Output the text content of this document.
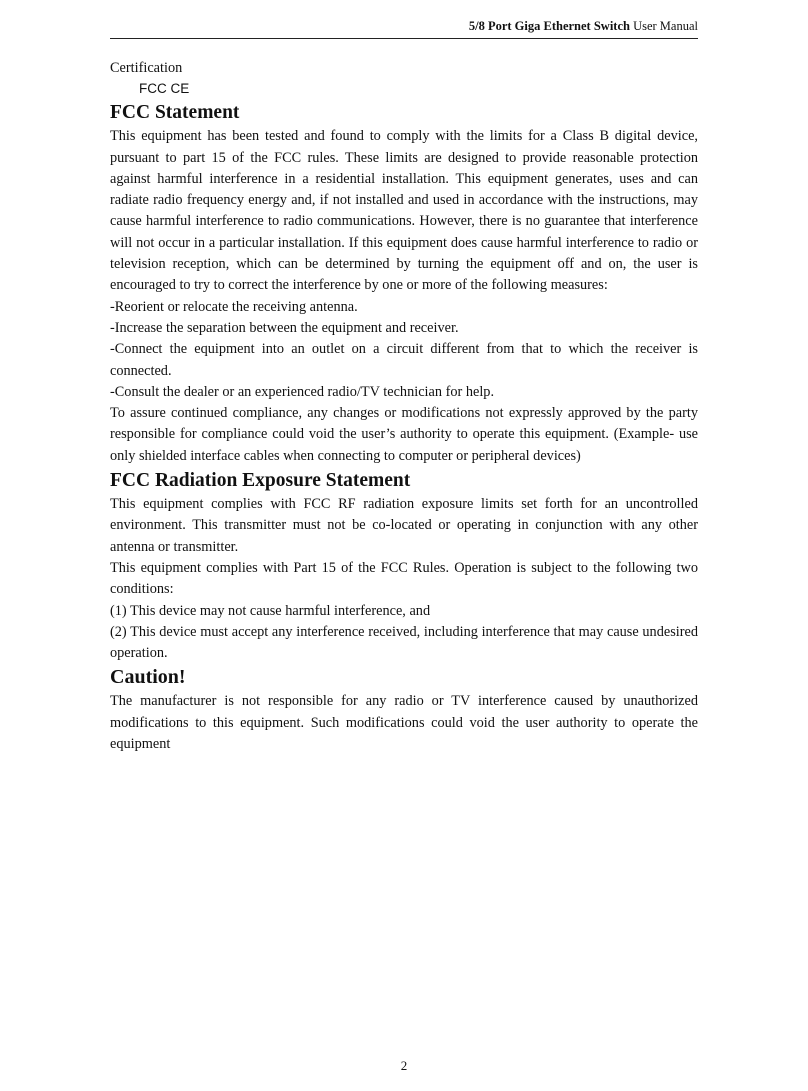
5/8 Port Giga Ethernet Switch User Manual

Certification

FCC CE

FCC Statement

This equipment has been tested and found to comply with the limits for a Class B digital device, pursuant to part 15 of the FCC rules. These limits are designed to provide reasonable protection against harmful interference in a residential installation. This equipment generates, uses and can radiate radio frequency energy and, if not installed and used in accordance with the instructions, may cause harmful interference to radio communications. However, there is no guarantee that interference will not occur in a particular installation. If this equipment does cause harmful interference to radio or television reception, which can be determined by turning the equipment off and on, the user is encouraged to try to correct the interference by one or more of the following measures:

-Reorient or relocate the receiving antenna.

-Increase the separation between the equipment and receiver.

-Connect the equipment into an outlet on a circuit different from that to which the receiver is connected.

-Consult the dealer or an experienced radio/TV technician for help.

To assure continued compliance, any changes or modifications not expressly approved by the party responsible for compliance could void the user’s authority to operate this equipment. (Example- use only shielded interface cables when connecting to computer or peripheral devices)

FCC Radiation Exposure Statement

This equipment complies with FCC RF radiation exposure limits set forth for an uncontrolled environment. This transmitter must not be co-located or operating in conjunction with any other antenna or transmitter.

This equipment complies with Part 15 of the FCC Rules. Operation is subject to the following two conditions:

(1) This device may not cause harmful interference, and

(2) This device must accept any interference received, including interference that may cause undesired operation.

Caution!

The manufacturer is not responsible for any radio or TV interference caused by unauthorized modifications to this equipment. Such modifications could void the user authority to operate the equipment

2
